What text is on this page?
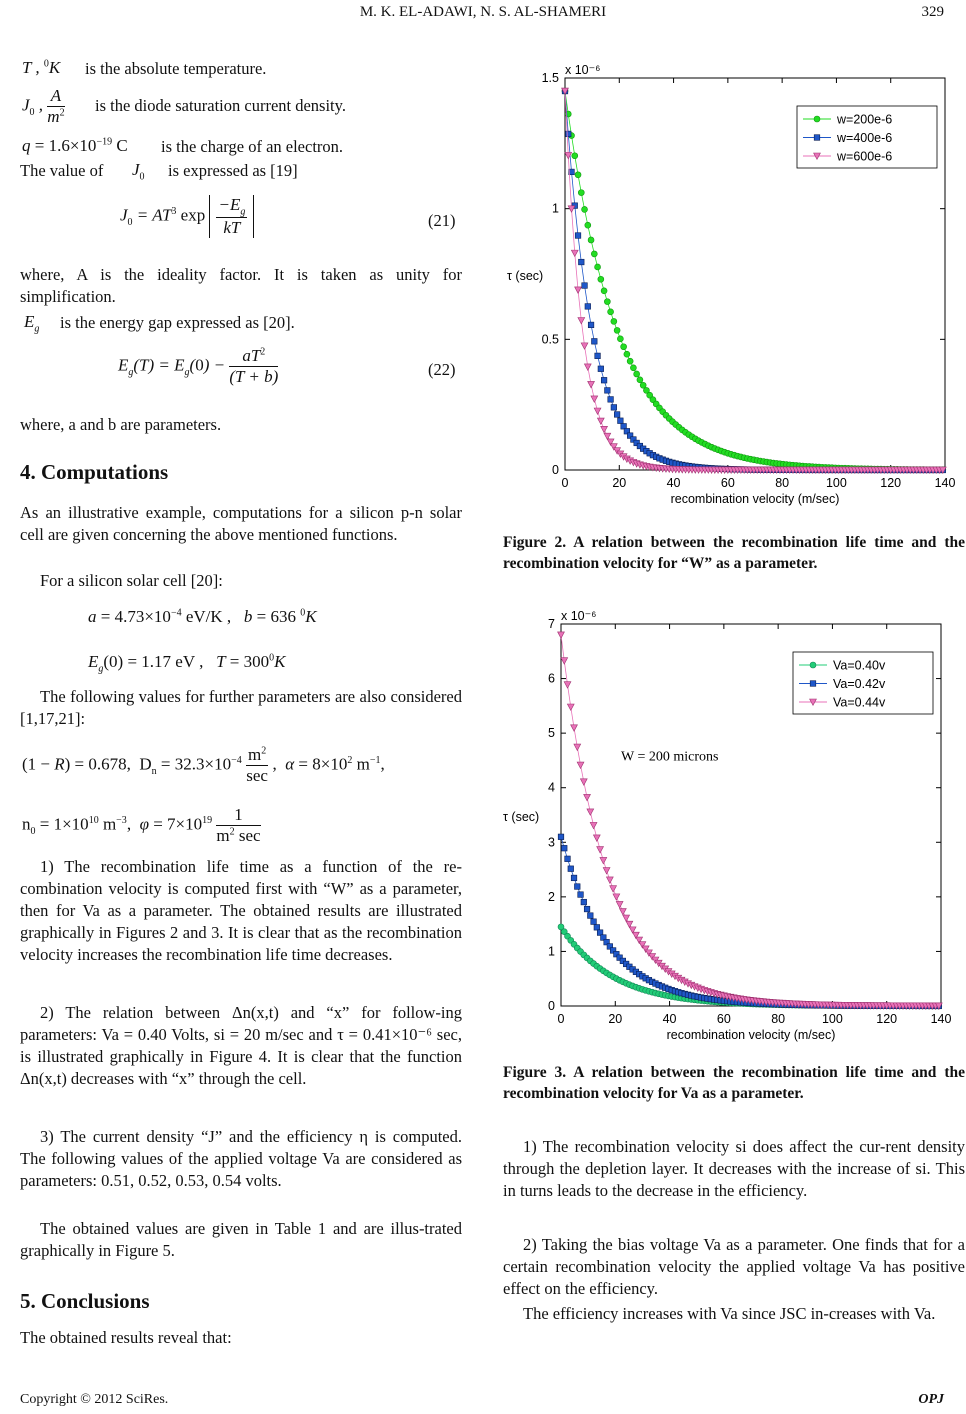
M. K. EL-ADAWI, N. S. AL-SHAMERI	329
T , $^0$K is the absolute temperature.
$J_0$ , $\frac{A}{m^2}$ is the diode saturation current density.
$q = 1.6\times 10^{-19}$ C is the charge of an electron.
The value of	$J_0$ is expressed as [19]
$J_0 = AT^3$ $\exp \frac{-E_g}{kT}$	(21)
where, A is the ideality factor. It is taken as unity for simplification.
$E_g$ is the energy gap expressed as [20].
$E_g(T) = E_g(0) - \frac{aT^2}{(T + b)}$	(22)
where, a and b are parameters.
4. Computations
As an illustrative example, computations for a silicon p-n solar cell are given concerning the above mentioned functions.
For a silicon solar cell [20]:
$a = 4.73\times 10^{-4}$ eV/K ,   b = 636 $^0$K
$E_g(0) = 1.17$ eV ,   $T = 300^0K$
The following values for further parameters are also considered [1,17,21]:
(1 − R) = 0.678,  $D_n = 32.3\times 10^{-4} \frac{m^2}{\sec}$ ,  $\alpha = 8\times 10^2$ $m^{-1}$,
$n_0 = 1\times 10^{10}$ $m^{-3}$,  $\varphi = 7\times 10^{19} \frac{1}{m^2 \sec}$
1) The recombination life time as a function of the re-combination velocity is computed first with “W” as a parameter, then for Va as a parameter. The obtained results are illustrated graphically in Figures 2 and 3. It is clear that as the recombination velocity increases the recombination life time decreases.
2) The relation between Δn(x,t) and “x” for follow-ing parameters: Va = 0.40 Volts, si = 20 m/sec and τ = 0.41×10⁻⁶ sec, is illustrated graphically in Figure 4. It is clear that the function Δn(x,t) decreases with “x” through the cell.
3) The current density “J” and the efficiency η is computed. The following values of the applied voltage Va are considered as parameters: 0.51, 0.52, 0.53, 0.54 volts.
The obtained values are given in Table 1 and are illus-trated graphically in Figure 5.
5. Conclusions
The obtained results reveal that:
0	20	40	60	80	100	120	140
0
0.5
1
1.5
x 10⁻⁶
recombination velocity (m/sec)
τ (sec)
w=200e-6
w=400e-6
w=600e-6
Figure 2. A relation between the recombination life time and the recombination velocity for “W” as a parameter.
0	20	40	60	80	100	120	140
0
1
2
3
4
5
6
7
x 10⁻⁶
recombination velocity (m/sec)
τ (sec)
W = 200 microns
Va=0.40v
Va=0.42v
Va=0.44v
Figure 3. A relation between the recombination life time and the recombination velocity for Va as a parameter.
1) The recombination velocity si does affect the cur-rent density through the depletion layer. It decreases with the increase of si. This in turns leads to the decrease in the efficiency.
2) Taking the bias voltage Va as a parameter. One finds that for a certain recombination velocity the applied voltage Va has positive effect on the efficiency.
The efficiency increases with Va since JSC in-creases with Va.
Copyright © 2012 SciRes.	OPJ
